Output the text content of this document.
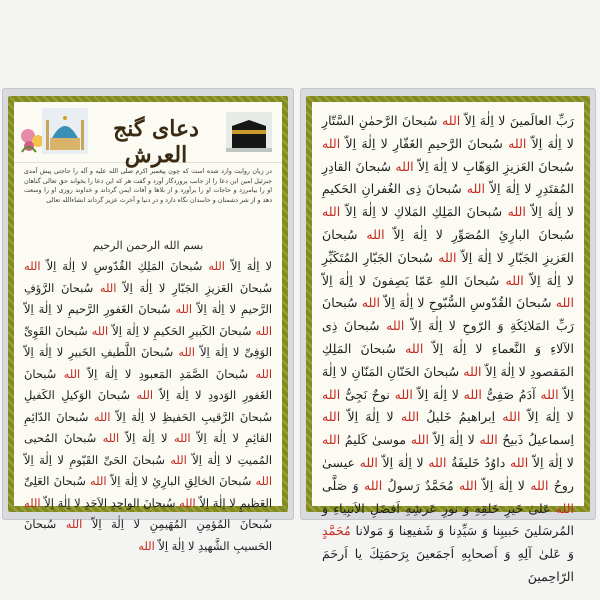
دعای گنج العرش
در زبان روایت وارد شده است که چون پیغمبر اکرم صلی الله علیه و آله را حاجتی پیش آمدی جبرئیل امین این دعا را از جانب پروردگار آورد و گفت هر که این دعا را بخواند حق تعالی گناهان او را بیامرزد و حاجات او را برآورد و از بلاها و آفات ایمن گرداند و خداوند روزی او را وسعت دهد و از شر دشمنان و حاسدان نگاه دارد و در دنیا و آخرت عزیز گرداند انشاءالله تعالی
بسم الله الرحمن الرحیم
لا اِلٰهَ اِلاّ الله سُبحانَ المَلِكِ القُدّوسِ لا اِلٰهَ اِلاّ الله سُبحانَ العَزیزِ الجَبّارِ لا اِلٰهَ اِلاّ الله سُبحانَ الرَّؤفِ الرَّحیمِ لا اِلٰهَ اِلاّ الله سُبحانَ الغَفورِ الرَّحیمِ لا اِلٰهَ اِلاّ الله سُبحانَ الكَبیرِ الحَكیمِ لا اِلٰهَ اِلاّ الله سُبحانَ القَوِیِّ الوَفِیِّ لا اِلٰهَ اِلاّ الله سُبحانَ اللَّطیفِ الخَبیرِ لا اِلٰهَ اِلاّ الله سُبحانَ الصَّمَدِ المَعبودِ لا اِلٰهَ اِلاّ الله سُبحانَ الغَفورِ الوَدودِ لا اِلٰهَ اِلاّ الله سُبحانَ الوَكیلِ الكَفیلِ سُبحانَ الرَّقیبِ الحَفیظِ لا اِلٰهَ اِلاّ الله سُبحانَ الدّائِمِ القائِمِ لا اِلٰهَ اِلاّ الله لا اِلٰهَ اِلاّ الله سُبحانَ المُحیی المُمیتِ لا اِلٰهَ اِلاّ الله سُبحانَ الحَیِّ القَیّومِ لا اِلٰهَ اِلاّ الله سُبحانَ الخالِقِ البارِئِ لا اِلٰهَ اِلاّ الله سُبحانَ العَلِیِّ العَظیمِ لا اِلٰهَ اِلاّ الله سُبحانَ الواحِدِ الاَحَدِ لا اِلٰهَ اِلاّ الله سُبحانَ المُؤمِنِ المُهَیمِنِ لا اِلٰهَ اِلاّ الله سُبحانَ الحَسیبِ الشَّهیدِ لا اِلٰهَ اِلاّ الله
رَبِّ العالَمینَ لا اِلٰهَ اِلاّ الله سُبحانَ الرَّحمٰنِ السَّتّارِ لا اِلٰهَ اِلاّ الله سُبحانَ الرَّحیمِ الغَفّارِ لا اِلٰهَ اِلاّ الله سُبحانَ العَزیزِ الوَهّابِ لا اِلٰهَ اِلاّ الله سُبحانَ القادِرِ المُقتَدِرِ لا اِلٰهَ اِلاّ الله سُبحانَ ذِی الغُفرانِ الحَكیمِ لا اِلٰهَ اِلاّ الله سُبحانَ المَلِكِ المَلاكِ لا اِلٰهَ اِلاّ الله سُبحانَ البارِئِ المُصَوِّرِ لا اِلٰهَ اِلاّ الله سُبحانَ العَزیزِ الجَبّارِ لا اِلٰهَ اِلاّ الله سُبحانَ الجَبّارِ المُتَكَبِّرِ لا اِلٰهَ اِلاّ الله سُبحانَ اللهِ عَمّا یَصِفونَ لا اِلٰهَ اِلاّ الله سُبحانَ القُدّوسِ السُّبّوحِ لا اِلٰهَ اِلاّ الله سُبحانَ رَبِّ المَلائِكَةِ وَ الرّوحِ لا اِلٰهَ اِلاّ الله سُبحانَ ذِی الآلاءِ وَ النَّعماءِ لا اِلٰهَ اِلاّ الله سُبحانَ المَلِكِ المَقصودِ لا اِلٰهَ اِلاّ الله سُبحانَ الحَنّانِ المَنّانِ لا اِلٰهَ اِلاّ الله آدَمُ صَفِیُّ الله لا اِلٰهَ اِلاّ الله نوحٌ نَجِیُّ الله لا اِلٰهَ اِلاّ الله اِبراهیمُ خَلیلُ الله لا اِلٰهَ اِلاّ الله اِسماعیلُ ذَبیحُ الله لا اِلٰهَ اِلاّ الله موسیٰ كَلیمُ الله لا اِلٰهَ اِلاّ الله داوُدُ خَلیفَةُ الله لا اِلٰهَ اِلاّ الله عیسیٰ روحُ الله لا اِلٰهَ اِلاّ الله مُحَمَّدٌ رَسولُ الله وَ صَلَّی الله عَلیٰ خَیرِ خَلقِهِ وَ نورِ عَرشِهِ اَفضَلِ الاَنبِیاءِ وَ المُرسَلینَ حَبیبِنا وَ سَیِّدِنا وَ شَفیعِنا وَ مَولانا مُحَمَّدٍ وَ عَلیٰ آلِهِ وَ اَصحابِهِ اَجمَعینَ بِرَحمَتِكَ یا اَرحَمَ الرّاحِمینَ
